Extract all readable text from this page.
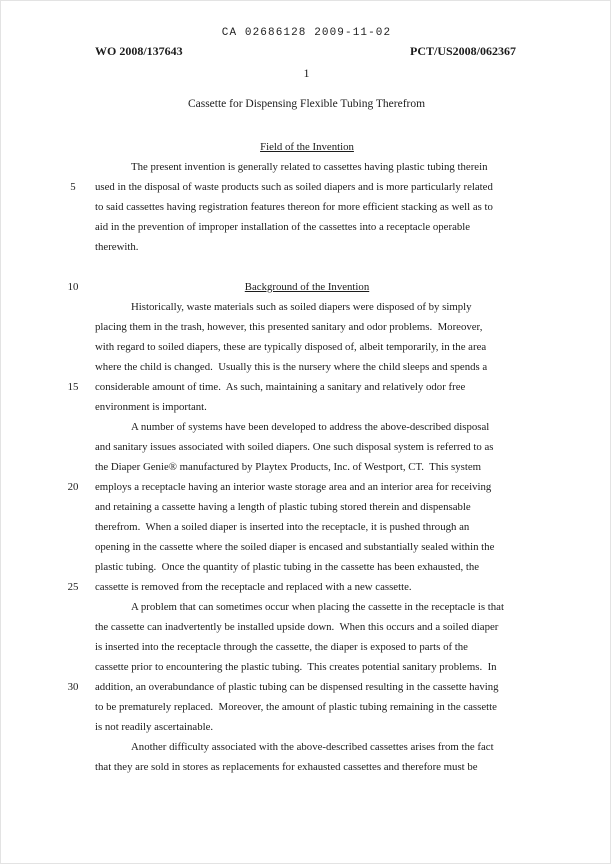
CA 02686128 2009-11-02
WO 2008/137643	PCT/US2008/062367
1
Cassette for Dispensing Flexible Tubing Therefrom
Field of the Invention
The present invention is generally related to cassettes having plastic tubing therein
5	used in the disposal of waste products such as soiled diapers and is more particularly related
to said cassettes having registration features thereon for more efficient stacking as well as to
aid in the prevention of improper installation of the cassettes into a receptacle operable
therewith.
10	Background of the Invention
Historically, waste materials such as soiled diapers were disposed of by simply
placing them in the trash, however, this presented sanitary and odor problems.  Moreover,
with regard to soiled diapers, these are typically disposed of, albeit temporarily, in the area
where the child is changed.  Usually this is the nursery where the child sleeps and spends a
15	considerable amount of time.  As such, maintaining a sanitary and relatively odor free
environment is important.
A number of systems have been developed to address the above-described disposal
and sanitary issues associated with soiled diapers. One such disposal system is referred to as
the Diaper Genie® manufactured by Playtex Products, Inc. of Westport, CT.  This system
20	employs a receptacle having an interior waste storage area and an interior area for receiving
and retaining a cassette having a length of plastic tubing stored therein and dispensable
therefrom.  When a soiled diaper is inserted into the receptacle, it is pushed through an
opening in the cassette where the soiled diaper is encased and substantially sealed within the
plastic tubing.  Once the quantity of plastic tubing in the cassette has been exhausted, the
25	cassette is removed from the receptacle and replaced with a new cassette.
A problem that can sometimes occur when placing the cassette in the receptacle is that
the cassette can inadvertently be installed upside down.  When this occurs and a soiled diaper
is inserted into the receptacle through the cassette, the diaper is exposed to parts of the
cassette prior to encountering the plastic tubing.  This creates potential sanitary problems.  In
30	addition, an overabundance of plastic tubing can be dispensed resulting in the cassette having
to be prematurely replaced.  Moreover, the amount of plastic tubing remaining in the cassette
is not readily ascertainable.
Another difficulty associated with the above-described cassettes arises from the fact
that they are sold in stores as replacements for exhausted cassettes and therefore must be
